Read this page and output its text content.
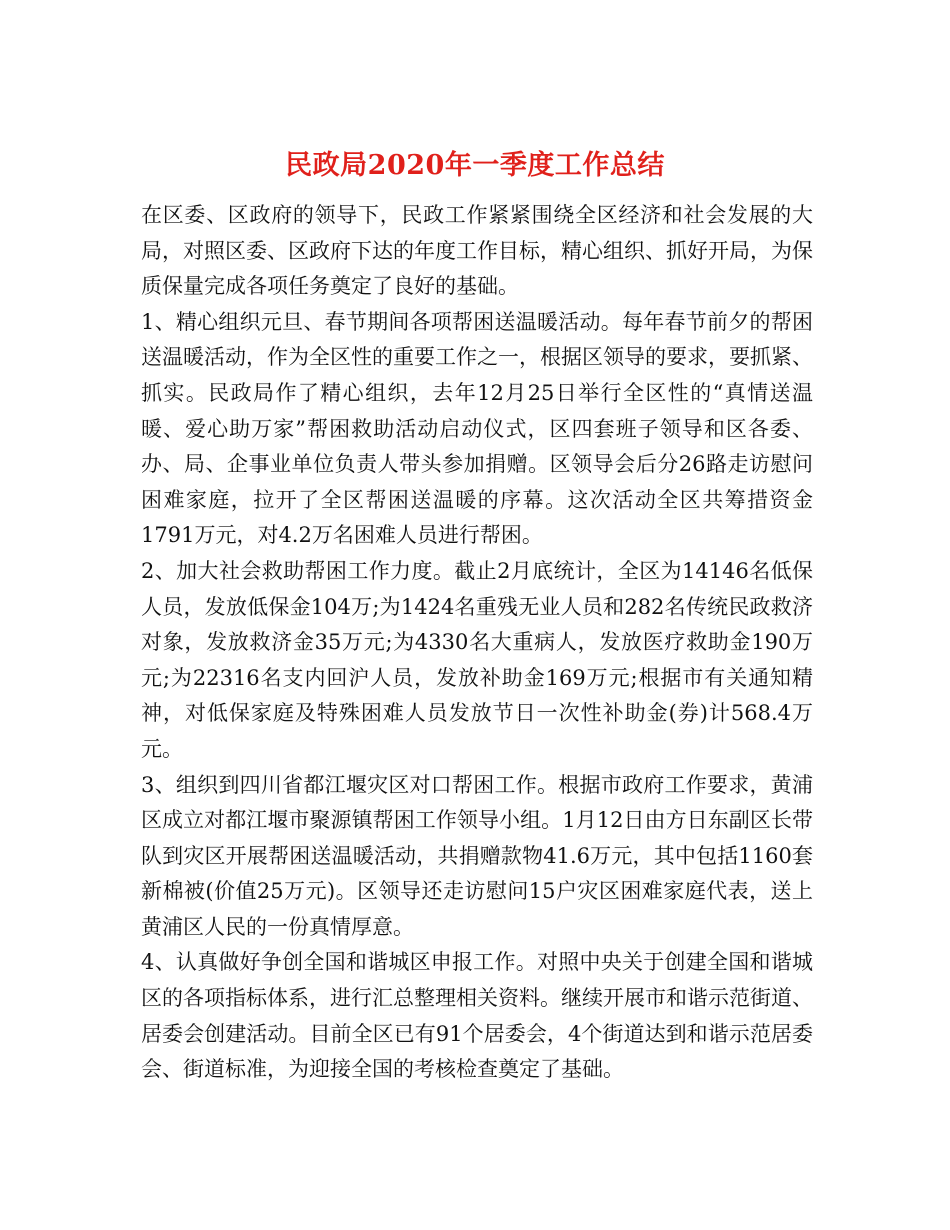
民政局2020年一季度工作总结

在区委、区政府的领导下，民政工作紧紧围绕全区经济和社会发展的大局，对照区委、区政府下达的年度工作目标，精心组织、抓好开局，为保质保量完成各项任务奠定了良好的基础。

1、精心组织元旦、春节期间各项帮困送温暖活动。每年春节前夕的帮困送温暖活动，作为全区性的重要工作之一，根据区领导的要求，要抓紧、抓实。民政局作了精心组织，去年12月25日举行全区性的“真情送温暖、爱心助万家”帮困救助活动启动仪式，区四套班子领导和区各委、办、局、企事业单位负责人带头参加捐赠。区领导会后分26路走访慰问困难家庭，拉开了全区帮困送温暖的序幕。这次活动全区共筹措资金1791万元，对4.2万名困难人员进行帮困。

2、加大社会救助帮困工作力度。截止2月底统计，全区为14146名低保人员，发放低保金104万;为1424名重残无业人员和282名传统民政救济对象，发放救济金35万元;为4330名大重病人，发放医疗救助金190万元;为22316名支内回沪人员，发放补助金169万元;根据市有关通知精神，对低保家庭及特殊困难人员发放节日一次性补助金(券)计568.4万元。

3、组织到四川省都江堰灾区对口帮困工作。根据市政府工作要求，黄浦区成立对都江堰市聚源镇帮困工作领导小组。1月12日由方日东副区长带队到灾区开展帮困送温暖活动，共捐赠款物41.6万元，其中包括1160套新棉被(价值25万元)。区领导还走访慰问15户灾区困难家庭代表，送上黄浦区人民的一份真情厚意。

4、认真做好争创全国和谐城区申报工作。对照中央关于创建全国和谐城区的各项指标体系，进行汇总整理相关资料。继续开展市和谐示范街道、居委会创建活动。目前全区已有91个居委会，4个街道达到和谐示范居委会、街道标准，为迎接全国的考核检查奠定了基础。
